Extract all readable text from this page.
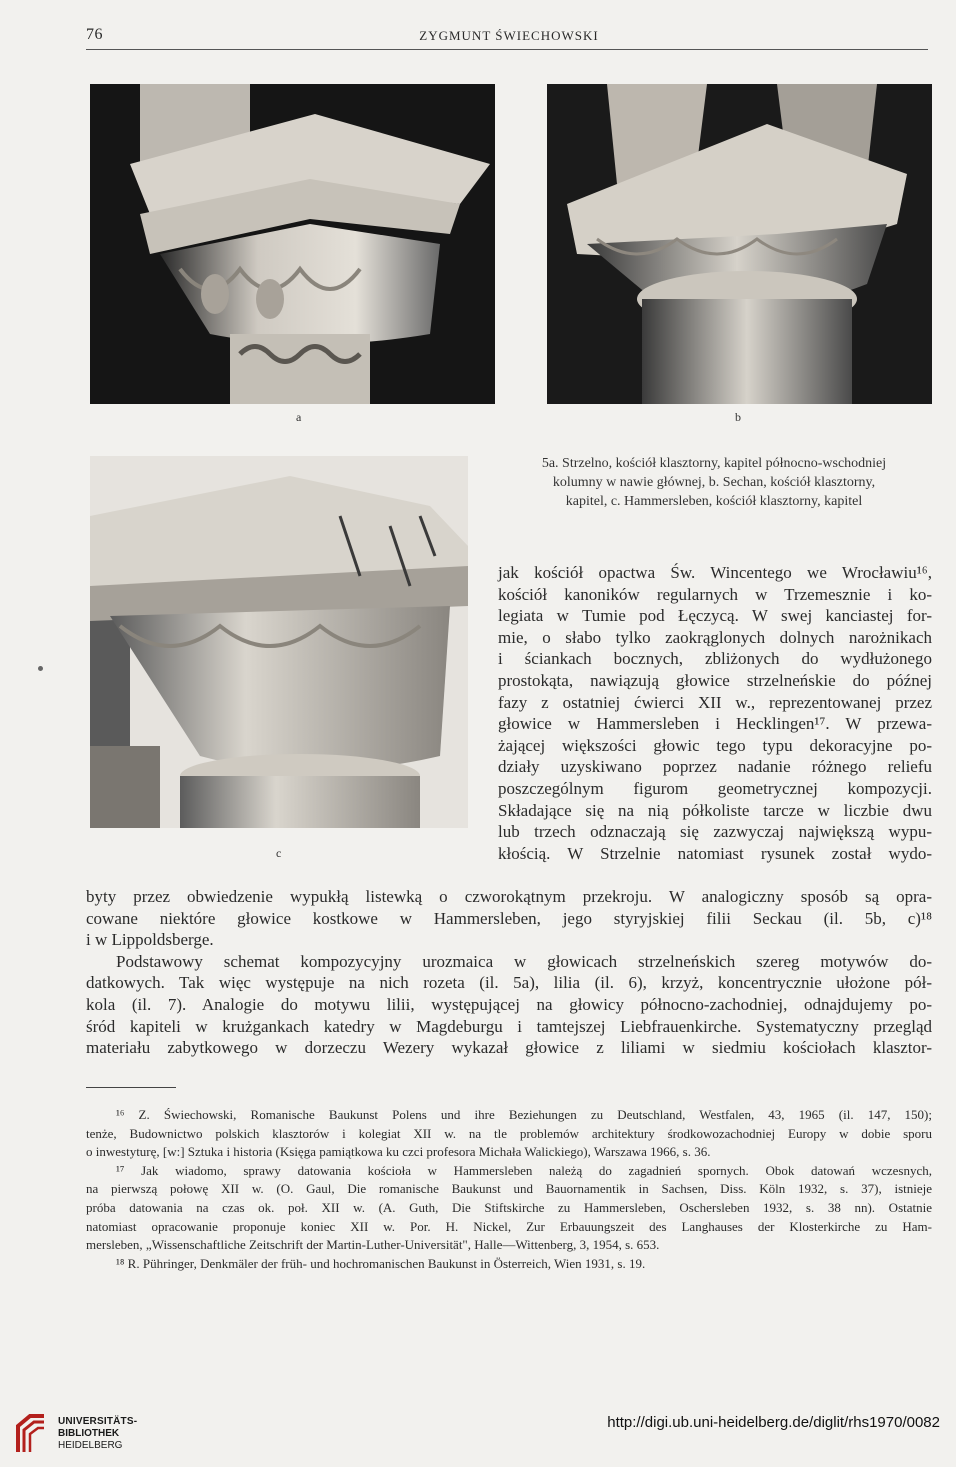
76	ZYGMUNT ŚWIECHOWSKI
a	b
c
5a. Strzelno, kościół klasztorny, kapitel północno-wschodniej
kolumny w nawie głównej, b. Sechan, kościół klasztorny,
kapitel, c. Hammersleben, kościół klasztorny, kapitel
jak kościół opactwa Św. Wincentego we Wrocławiu¹⁶,
kościół kanoników regularnych w Trzemesznie i ko-
legiata w Tumie pod Łęczycą. W swej kanciastej for-
mie, o słabo tylko zaokrąglonych dolnych narożnikach
i ściankach bocznych, zbliżonych do wydłużonego
prostokąta, nawiązują głowice strzelneńskie do późnej
fazy z ostatniej ćwierci XII w., reprezentowanej przez
głowice w Hammersleben i Hecklingen¹⁷. W przewa-
żającej większości głowic tego typu dekoracyjne po-
działy uzyskiwano poprzez nadanie różnego reliefu
poszczególnym figurom geometrycznej kompozycji.
Składające się na nią półkoliste tarcze w liczbie dwu
lub trzech odznaczają się zazwyczaj największą wypu-
kłością. W Strzelnie natomiast rysunek został wydo-
byty przez obwiedzenie wypukłą listewką o czworokątnym przekroju. W analogiczny sposób są opra-
cowane niektóre głowice kostkowe w Hammersleben, jego styryjskiej filii Seckau (il. 5b, c)¹⁸
i w Lippoldsberge.
Podstawowy schemat kompozycyjny urozmaica w głowicach strzelneńskich szereg motywów do-
datkowych. Tak więc występuje na nich rozeta (il. 5a), lilia (il. 6), krzyż, koncentrycznie ułożone pół-
kola (il. 7). Analogie do motywu lilii, występującej na głowicy północno-zachodniej, odnajdujemy po-
śród kapiteli w krużgankach katedry w Magdeburgu i tamtejszej Liebfrauenkirche. Systematyczny przegląd
materiału zabytkowego w dorzeczu Wezery wykazał głowice z liliami w siedmiu kościołach klasztor-
¹⁶ Z. Świechowski, Romanische Baukunst Polens und ihre Beziehungen zu Deutschland, Westfalen, 43, 1965 (il. 147, 150);
tenże, Budownictwo polskich klasztorów i kolegiat XII w. na tle problemów architektury środkowozachodniej Europy w dobie sporu
o inwestyturę, [w:] Sztuka i historia (Księga pamiątkowa ku czci profesora Michała Walickiego), Warszawa 1966, s. 36.
¹⁷ Jak wiadomo, sprawy datowania kościoła w Hammersleben należą do zagadnień spornych. Obok datowań wczesnych,
na pierwszą połowę XII w. (O. Gaul, Die romanische Baukunst und Bauornamentik in Sachsen, Diss. Köln 1932, s. 37), istnieje
próba datowania na czas ok. poł. XII w. (A. Guth, Die Stiftskirche zu Hammersleben, Oschersleben 1932, s. 38 nn). Ostatnie
natomiast opracowanie proponuje koniec XII w. Por. H. Nickel, Zur Erbauungszeit des Langhauses der Klosterkirche zu Ham-
mersleben, „Wissenschaftliche Zeitschrift der Martin-Luther-Universität", Halle—Wittenberg, 3, 1954, s. 653.
¹⁸ R. Pühringer, Denkmäler der früh- und hochromanischen Baukunst in Österreich, Wien 1931, s. 19.
UNIVERSITÄTS-
BIBLIOTHEK
HEIDELBERG
http://digi.ub.uni-heidelberg.de/diglit/rhs1970/0082
